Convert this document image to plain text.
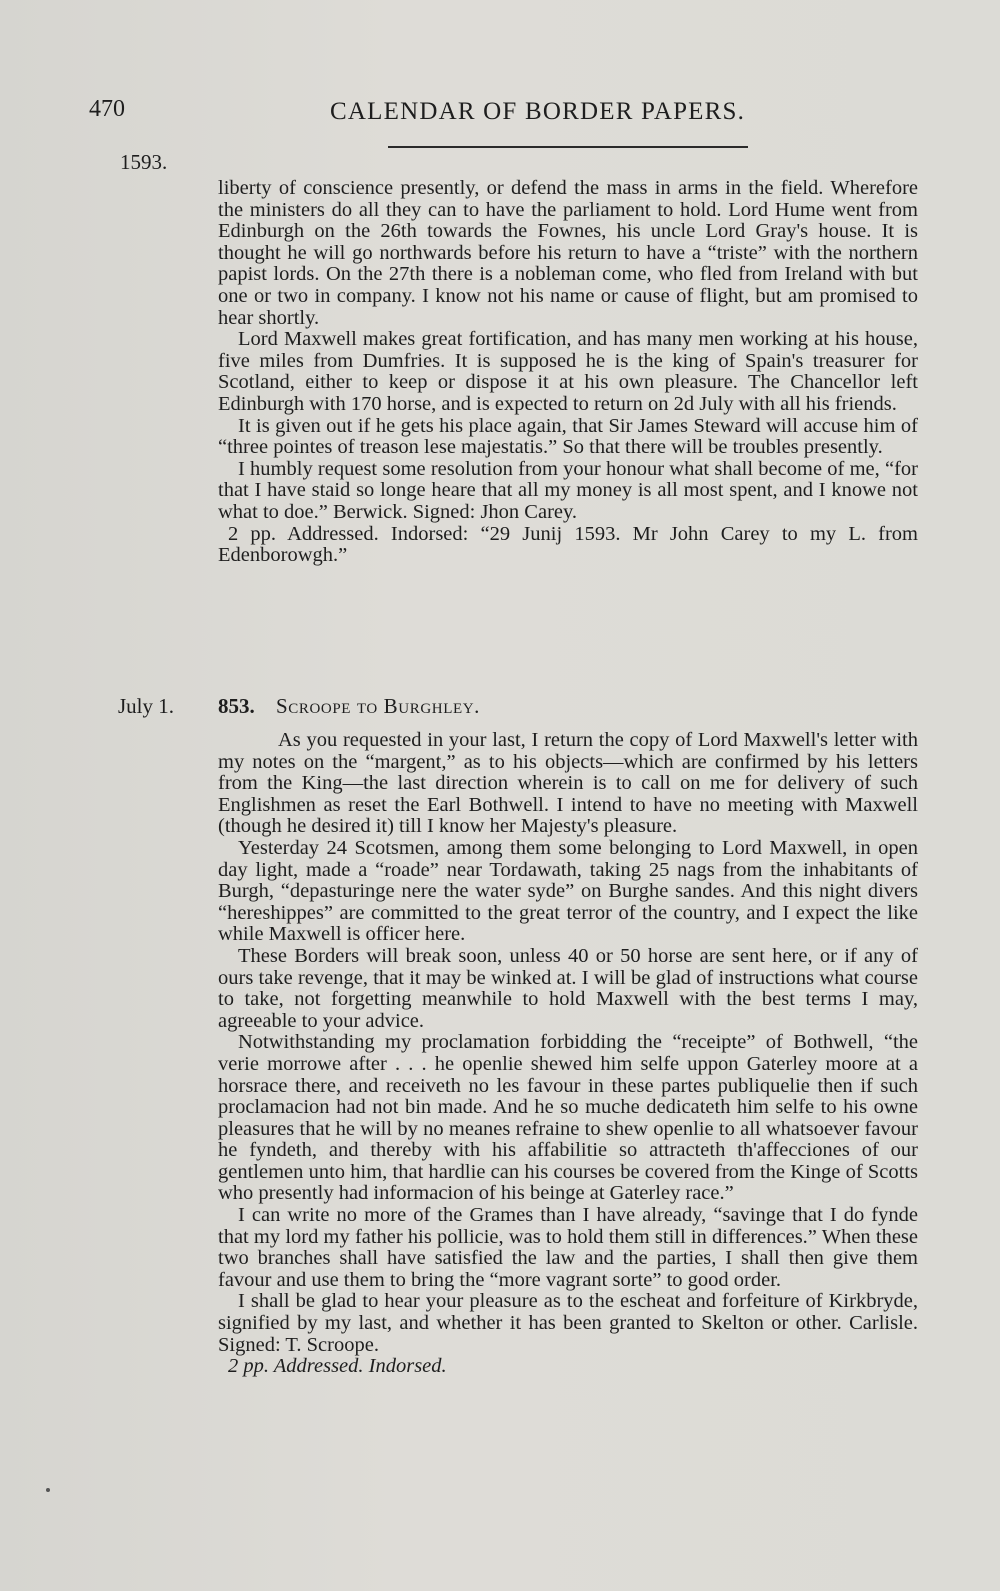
470	CALENDAR OF BORDER PAPERS.
1593.

liberty of conscience presently, or defend the mass in arms in the field. Wherefore the ministers do all they can to have the parliament to hold. Lord Hume went from Edinburgh on the 26th towards the Fownes, his uncle Lord Gray's house. It is thought he will go northwards before his return to have a “triste” with the northern papist lords. On the 27th there is a nobleman come, who fled from Ireland with but one or two in company. I know not his name or cause of flight, but am promised to hear shortly.

Lord Maxwell makes great fortification, and has many men working at his house, five miles from Dumfries. It is supposed he is the king of Spain's treasurer for Scotland, either to keep or dispose it at his own pleasure. The Chancellor left Edinburgh with 170 horse, and is expected to return on 2d July with all his friends.

It is given out if he gets his place again, that Sir James Steward will accuse him of “three pointes of treason lese majestatis.” So that there will be troubles presently.

I humbly request some resolution from your honour what shall become of me, “for that I have staid so longe heare that all my money is all most spent, and I knowe not what to doe.” Berwick. Signed: Jhon Carey.

2 pp. Addressed. Indorsed: “29 Junij 1593. Mr John Carey to my L. from Edenborowgh.”

July 1. 853. Scroope to Burghley.

As you requested in your last, I return the copy of Lord Maxwell's letter with my notes on the “margent,” as to his objects—which are confirmed by his letters from the King—the last direction wherein is to call on me for delivery of such Englishmen as reset the Earl Bothwell. I intend to have no meeting with Maxwell (though he desired it) till I know her Majesty's pleasure.

Yesterday 24 Scotsmen, among them some belonging to Lord Maxwell, in open day light, made a “roade” near Tordawath, taking 25 nags from the inhabitants of Burgh, “depasturinge nere the water syde” on Burghe sandes. And this night divers “hereshippes” are committed to the great terror of the country, and I expect the like while Maxwell is officer here.

These Borders will break soon, unless 40 or 50 horse are sent here, or if any of ours take revenge, that it may be winked at. I will be glad of instructions what course to take, not forgetting meanwhile to hold Maxwell with the best terms I may, agreeable to your advice.

Notwithstanding my proclamation forbidding the “receipte” of Bothwell, “the verie morrowe after . . . he openlie shewed him selfe uppon Gaterley moore at a horsrace there, and receiveth no les favour in these partes publiquelie then if such proclamacion had not bin made. And he so muche dedicateth him selfe to his owne pleasures that he will by no meanes refraine to shew openlie to all whatsoever favour he fyndeth, and thereby with his affabilitie so attracteth th'affecciones of our gentlemen unto him, that hardlie can his courses be covered from the Kinge of Scotts who presently had informacion of his beinge at Gaterley race.”

I can write no more of the Grames than I have already, “savinge that I do fynde that my lord my father his pollicie, was to hold them still in differences.” When these two branches shall have satisfied the law and the parties, I shall then give them favour and use them to bring the “more vagrant sorte” to good order.

I shall be glad to hear your pleasure as to the escheat and forfeiture of Kirkbryde, signified by my last, and whether it has been granted to Skelton or other. Carlisle. Signed: T. Scroope.

2 pp. Addressed. Indorsed.
